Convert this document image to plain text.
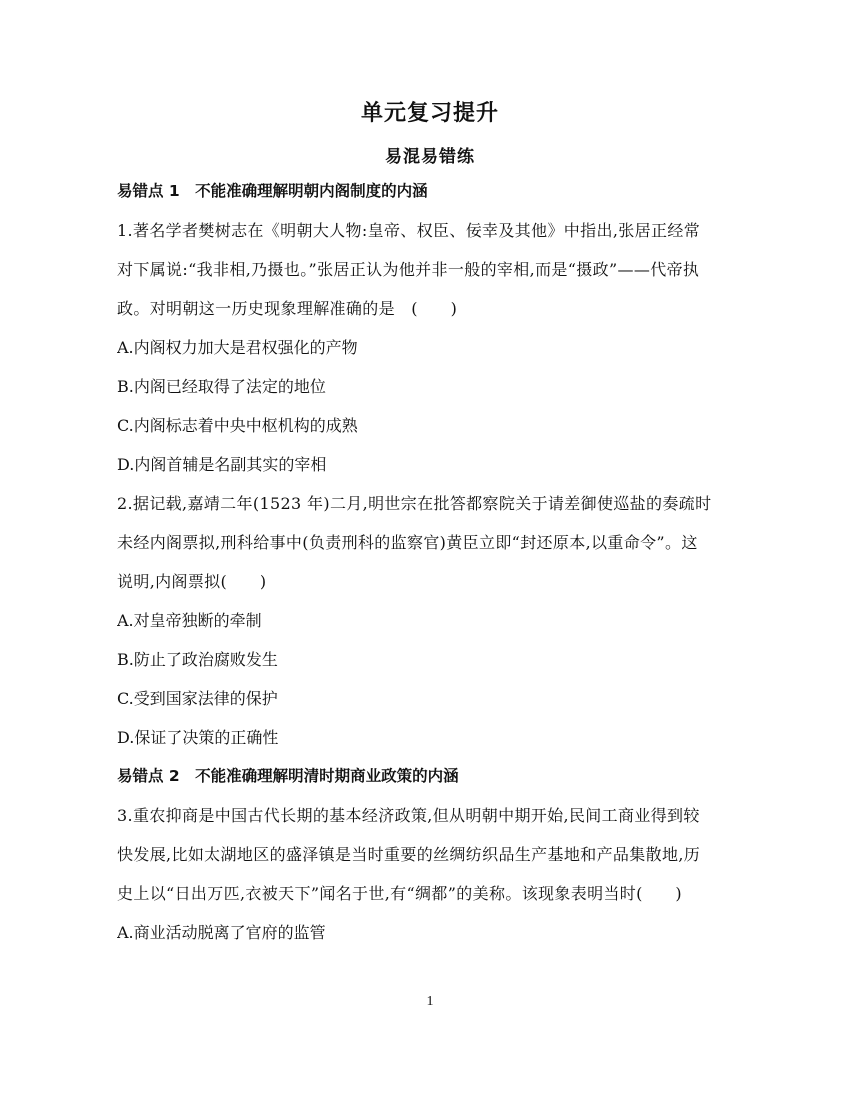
单元复习提升
易混易错练
易错点 1　不能准确理解明朝内阁制度的内涵
1.著名学者樊树志在《明朝大人物:皇帝、权臣、佞幸及其他》中指出,张居正经常
对下属说:“我非相,乃摄也。”张居正认为他并非一般的宰相,而是“摄政”——代帝执
政。对明朝这一历史现象理解准确的是　(　　)
A.内阁权力加大是君权强化的产物
B.内阁已经取得了法定的地位
C.内阁标志着中央中枢机构的成熟
D.内阁首辅是名副其实的宰相
2.据记载,嘉靖二年(1523 年)二月,明世宗在批答都察院关于请差御使巡盐的奏疏时
未经内阁票拟,刑科给事中(负责刑科的监察官)黄臣立即“封还原本,以重命令”。这
说明,内阁票拟(　　)
A.对皇帝独断的牵制
B.防止了政治腐败发生
C.受到国家法律的保护
D.保证了决策的正确性
易错点 2　不能准确理解明清时期商业政策的内涵
3.重农抑商是中国古代长期的基本经济政策,但从明朝中期开始,民间工商业得到较
快发展,比如太湖地区的盛泽镇是当时重要的丝绸纺织品生产基地和产品集散地,历
史上以“日出万匹,衣被天下”闻名于世,有“绸都”的美称。该现象表明当时(　　)
A.商业活动脱离了官府的监管
1
